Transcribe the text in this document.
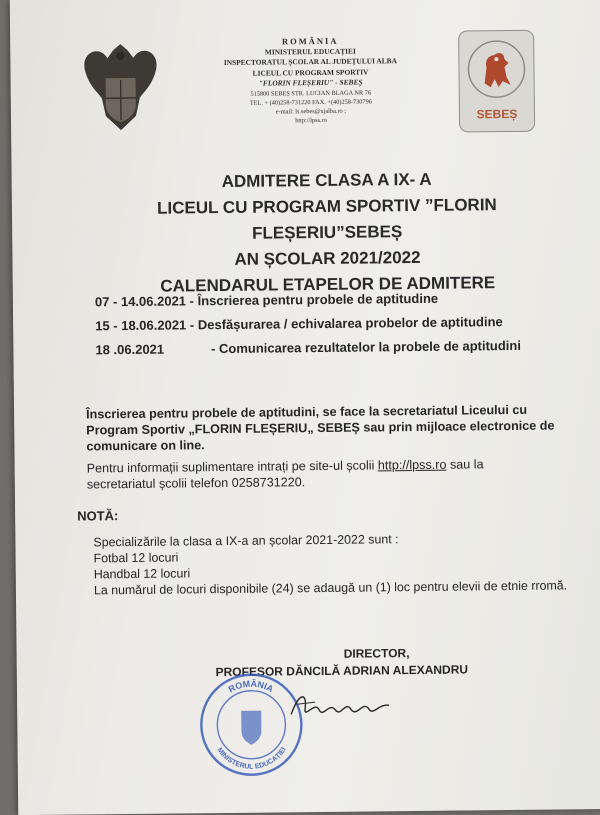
ROMÂNIA
MINISTERUL EDUCAȚIEI
INSPECTORATUL ȘCOLAR AL JUDEȚULUI ALBA
LICEUL CU PROGRAM SPORTIV
"FLORIN FLEȘERIU" - SEBEȘ
515800 SEBEȘ STR. LUCIAN BLAGA NR 76
TEL. + (40)258-731220 FAX. +(40)258-730796
e-mail: ls.sebes@xjalba.ro ;
http://lpss.ro	SEBEȘ
ADMITERE CLASA A IX- A
LICEUL CU PROGRAM SPORTIV ”FLORIN FLEȘERIU”SEBEȘ
AN ȘCOLAR 2021/2022
CALENDARUL ETAPELOR DE ADMITERE
07 - 14.06.2021 - Înscrierea pentru probele de aptitudine
15 - 18.06.2021 - Desfășurarea / echivalarea probelor de aptitudine
18 .06.2021	- Comunicarea rezultatelor la probele de aptitudini
Înscrierea pentru probele de aptitudini, se face la secretariatul Liceului cu
Program Sportiv „FLORIN FLEȘERIU„ SEBEȘ sau prin mijloace electronice de
comunicare on line.
Pentru informații suplimentare intrați pe site-ul școlii http://lpss.ro sau la
secretariatul școlii telefon 0258731220.
NOTĂ:
Specializările la clasa a IX-a an școlar 2021-2022 sunt :
Fotbal 12 locuri
Handbal 12 locuri
La numărul de locuri disponibile (24) se adaugă un (1) loc pentru elevii de etnie rromă.
DIRECTOR,
PROFESOR DĂNCILĂ ADRIAN ALEXANDRU
ROMÂNIA
MINISTERUL EDUCAȚIEI
